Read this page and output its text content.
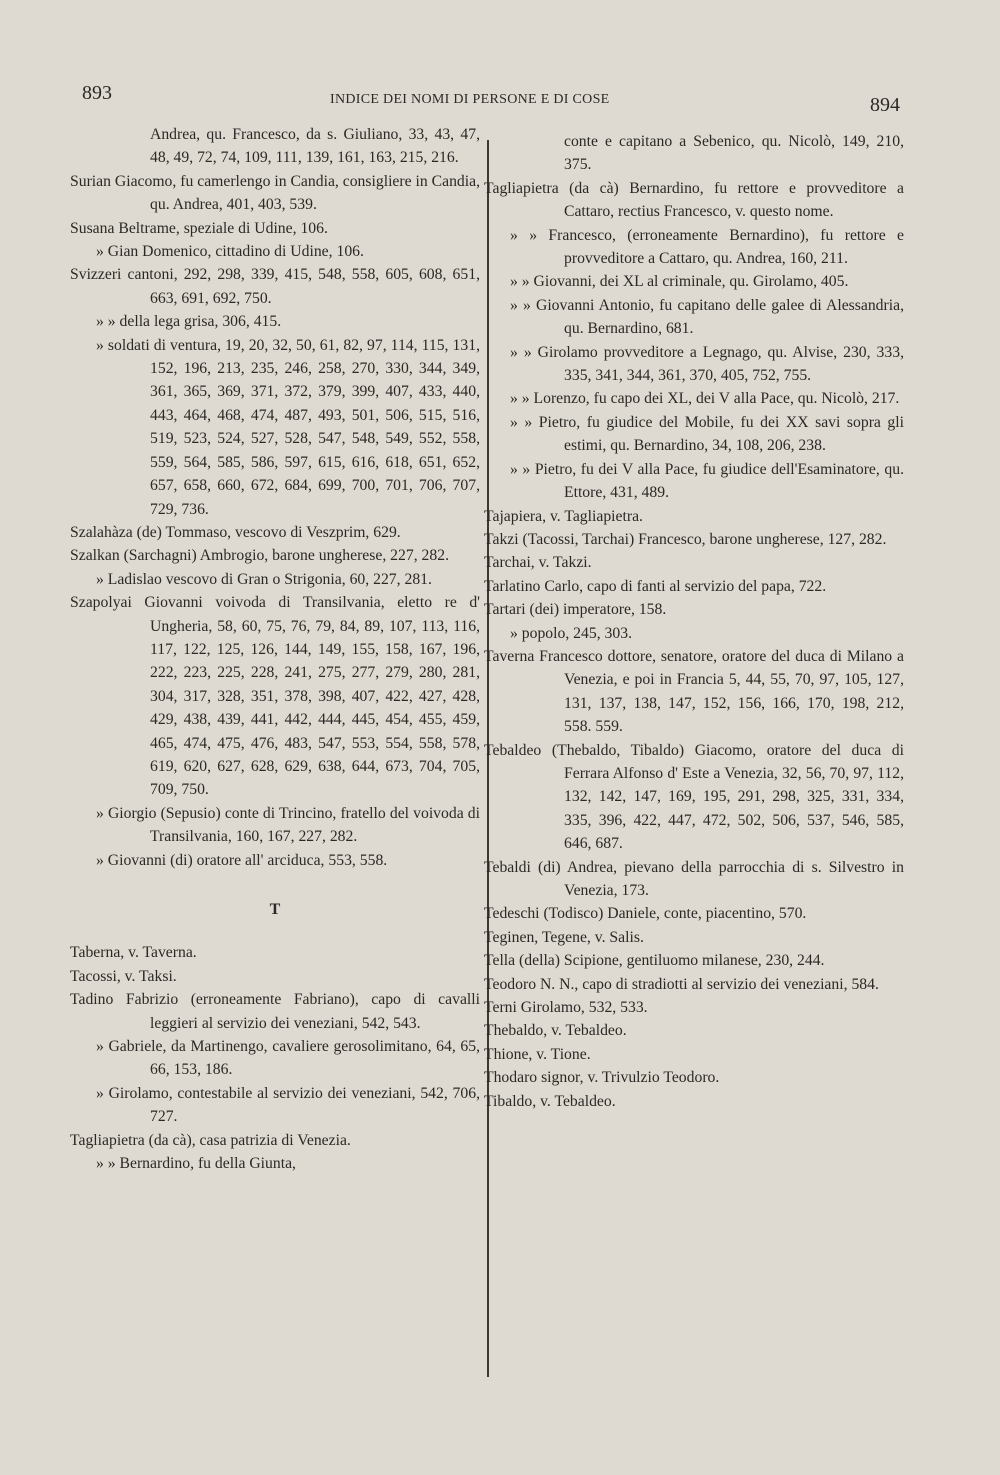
893	INDICE DEI NOMI DI PERSONE E DI COSE	894
Andrea, qu. Francesco, da s. Giuliano, 33, 43, 47, 48, 49, 72, 74, 109, 111, 139, 161, 163, 215, 216.
Surian Giacomo, fu camerlengo in Candia, consigliere in Candia, qu. Andrea, 401, 403, 539.
Susana Beltrame, speziale di Udine, 106.
» Gian Domenico, cittadino di Udine, 106.
Svizzeri cantoni, 292, 298, 339, 415, 548, 558, 605, 608, 651, 663, 691, 692, 750.
» » della lega grisa, 306, 415.
» soldati di ventura, 19, 20, 32, 50, 61, 82, 97, 114, 115, 131, 152, 196, 213, 235, 246, 258, 270, 330, 344, 349, 361, 365, 369, 371, 372, 379, 399, 407, 433, 440, 443, 464, 468, 474, 487, 493, 501, 506, 515, 516, 519, 523, 524, 527, 528, 547, 548, 549, 552, 558, 559, 564, 585, 586, 597, 615, 616, 618, 651, 652, 657, 658, 660, 672, 684, 699, 700, 701, 706, 707, 729, 736.
Szalahàza (de) Tommaso, vescovo di Veszprim, 629.
Szalkan (Sarchagni) Ambrogio, barone ungherese, 227, 282.
» Ladislao vescovo di Gran o Strigonia, 60, 227, 281.
Szapolyai Giovanni voivoda di Transilvania, eletto re d' Ungheria, 58, 60, 75, 76, 79, 84, 89, 107, 113, 116, 117, 122, 125, 126, 144, 149, 155, 158, 167, 196, 222, 223, 225, 228, 241, 275, 277, 279, 280, 281, 304, 317, 328, 351, 378, 398, 407, 422, 427, 428, 429, 438, 439, 441, 442, 444, 445, 454, 455, 459, 465, 474, 475, 476, 483, 547, 553, 554, 558, 578, 619, 620, 627, 628, 629, 638, 644, 673, 704, 705, 709, 750.
» Giorgio (Sepusio) conte di Trincino, fratello del voivoda di Transilvania, 160, 167, 227, 282.
» Giovanni (di) oratore all' arciduca, 553, 558.
T
Taberna, v. Taverna.
Tacossi, v. Taksi.
Tadino Fabrizio (erroneamente Fabriano), capo di cavalli leggieri al servizio dei veneziani, 542, 543.
» Gabriele, da Martinengo, cavaliere gerosolimitano, 64, 65, 66, 153, 186.
» Girolamo, contestabile al servizio dei veneziani, 542, 706, 727.
Tagliapietra (da cà), casa patrizia di Venezia.
» » Bernardino, fu della Giunta,
conte e capitano a Sebenico, qu. Nicolò, 149, 210, 375.
Tagliapietra (da cà) Bernardino, fu rettore e provveditore a Cattaro, rectius Francesco, v. questo nome.
» » Francesco, (erroneamente Bernardino), fu rettore e provveditore a Cattaro, qu. Andrea, 160, 211.
» » Giovanni, dei XL al criminale, qu. Girolamo, 405.
» » Giovanni Antonio, fu capitano delle galee di Alessandria, qu. Bernardino, 681.
» » Girolamo provveditore a Legnago, qu. Alvise, 230, 333, 335, 341, 344, 361, 370, 405, 752, 755.
» » Lorenzo, fu capo dei XL, dei V alla Pace, qu. Nicolò, 217.
» » Pietro, fu giudice del Mobile, fu dei XX savi sopra gli estimi, qu. Bernardino, 34, 108, 206, 238.
» » Pietro, fu dei V alla Pace, fu giudice dell'Esaminatore, qu. Ettore, 431, 489.
Tajapiera, v. Tagliapietra.
Takzi (Tacossi, Tarchai) Francesco, barone ungherese, 127, 282.
Tarchai, v. Takzi.
Tarlatino Carlo, capo di fanti al servizio del papa, 722.
Tartari (dei) imperatore, 158.
» popolo, 245, 303.
Taverna Francesco dottore, senatore, oratore del duca di Milano a Venezia, e poi in Francia 5, 44, 55, 70, 97, 105, 127, 131, 137, 138, 147, 152, 156, 166, 170, 198, 212, 558. 559.
Tebaldeo (Thebaldo, Tibaldo) Giacomo, oratore del duca di Ferrara Alfonso d' Este a Venezia, 32, 56, 70, 97, 112, 132, 142, 147, 169, 195, 291, 298, 325, 331, 334, 335, 396, 422, 447, 472, 502, 506, 537, 546, 585, 646, 687.
Tebaldi (di) Andrea, pievano della parrocchia di s. Silvestro in Venezia, 173.
Tedeschi (Todisco) Daniele, conte, piacentino, 570.
Teginen, Tegene, v. Salis.
Tella (della) Scipione, gentiluomo milanese, 230, 244.
Teodoro N. N., capo di stradiotti al servizio dei veneziani, 584.
Terni Girolamo, 532, 533.
Thebaldo, v. Tebaldeo.
Thione, v. Tione.
Thodaro signor, v. Trivulzio Teodoro.
Tibaldo, v. Tebaldeo.
